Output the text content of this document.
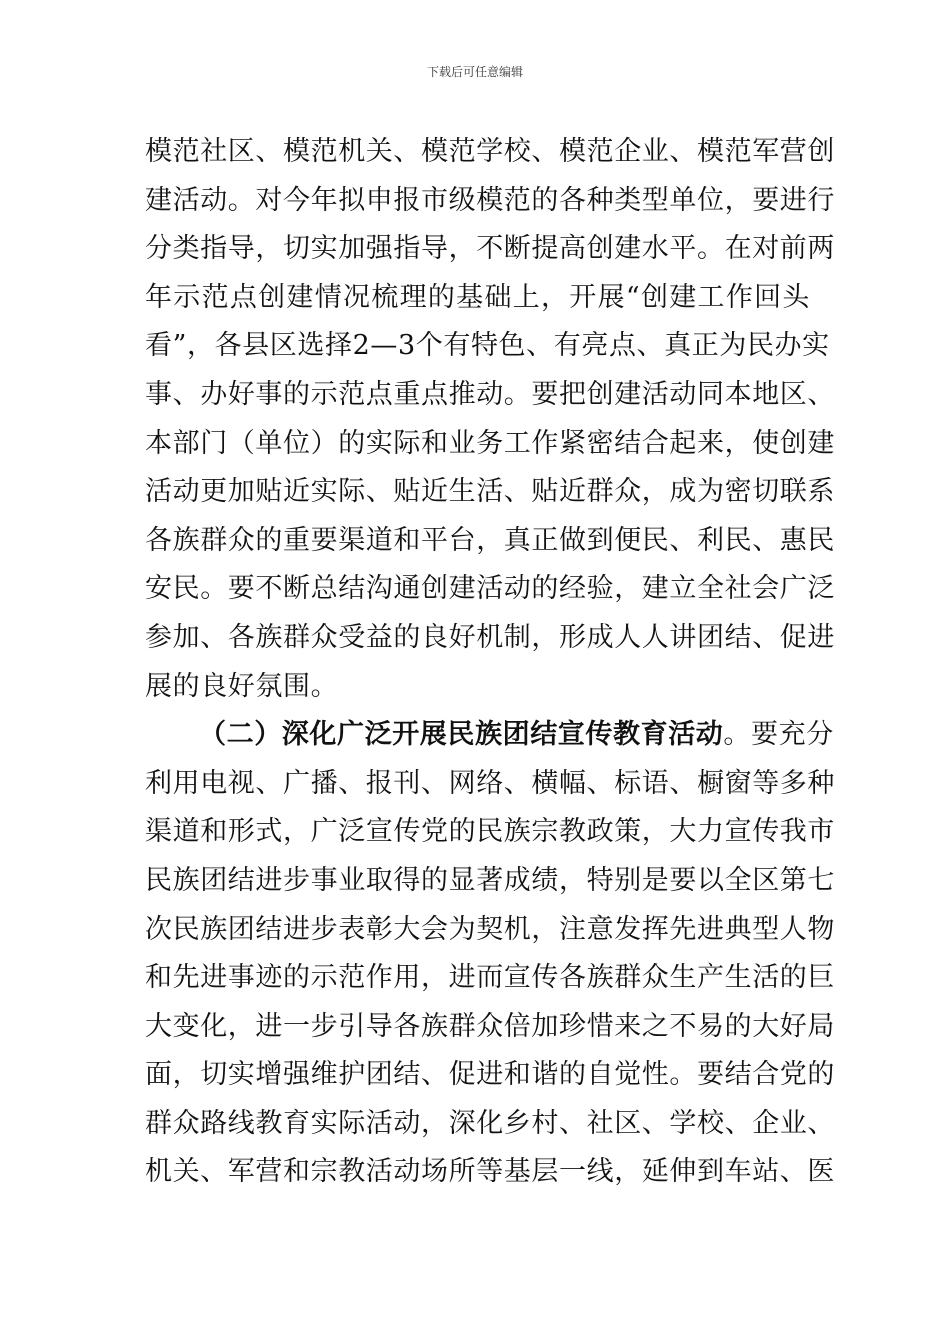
下载后可任意编辑
模范社区、模范机关、模范学校、模范企业、模范军营创
建活动。对今年拟申报市级模范的各种类型单位，要进行
分类指导，切实加强指导，不断提高创建水平。在对前两
年示范点创建情况梳理的基础上，开展“创建工作回头
看”，各县区选择2—3个有特色、有亮点、真正为民办实
事、办好事的示范点重点推动。要把创建活动同本地区、
本部门（单位）的实际和业务工作紧密结合起来，使创建
活动更加贴近实际、贴近生活、贴近群众，成为密切联系
各族群众的重要渠道和平台，真正做到便民、利民、惠民
安民。要不断总结沟通创建活动的经验，建立全社会广泛
参加、各族群众受益的良好机制，形成人人讲团结、促进
展的良好氛围。
（二）深化广泛开展民族团结宣传教育活动。要充分
利用电视、广播、报刊、网络、横幅、标语、橱窗等多种
渠道和形式，广泛宣传党的民族宗教政策，大力宣传我市
民族团结进步事业取得的显著成绩，特别是要以全区第七
次民族团结进步表彰大会为契机，注意发挥先进典型人物
和先进事迹的示范作用，进而宣传各族群众生产生活的巨
大变化，进一步引导各族群众倍加珍惜来之不易的大好局
面，切实增强维护团结、促进和谐的自觉性。要结合党的
群众路线教育实际活动，深化乡村、社区、学校、企业、
机关、军营和宗教活动场所等基层一线，延伸到车站、医
